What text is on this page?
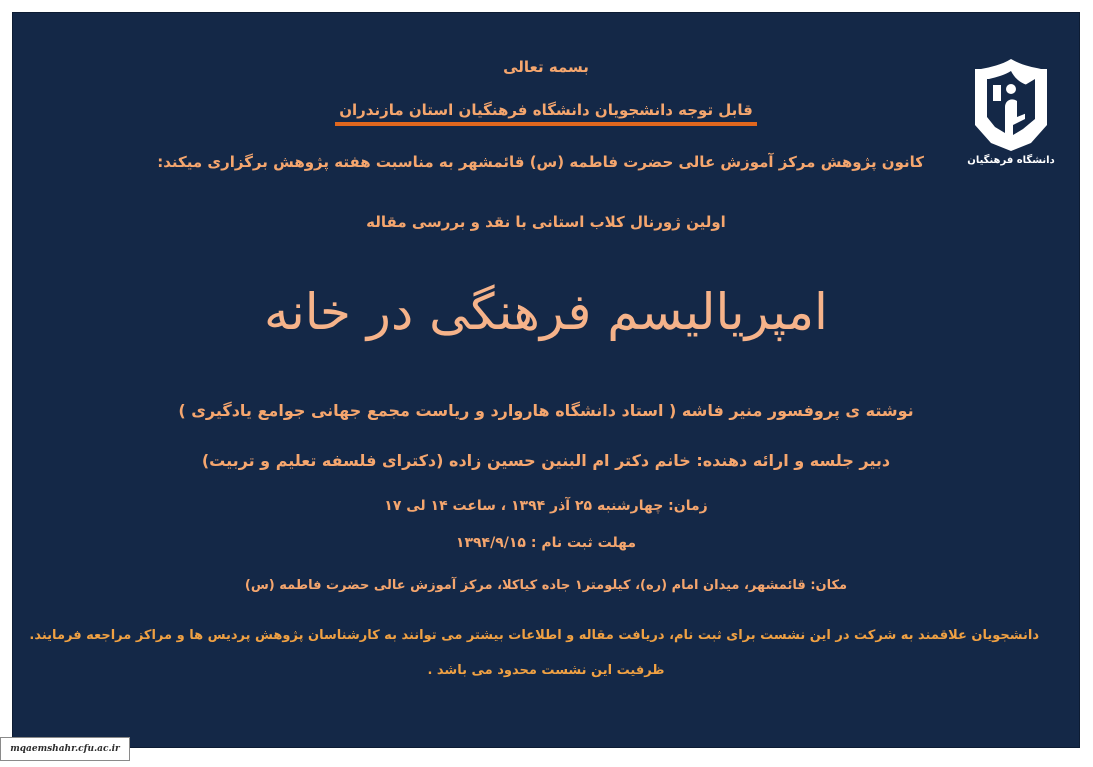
دانشگاه فرهنگیان
بسمه تعالی
قابل توجه دانشجویان دانشگاه فرهنگیان استان مازندران
کانون پژوهش مرکز آموزش عالی حضرت فاطمه (س) قائمشهر به مناسبت هفته پژوهش برگزاری میکند:
اولین ژورنال کلاب استانی با نقد و بررسی مقاله
امپریالیسم فرهنگی در خانه
نوشته ی پروفسور منیر فاشه ( استاد دانشگاه هاروارد و ریاست مجمع جهانی جوامع یادگیری )
دبیر جلسه و ارائه دهنده: خانم دکتر ام البنین حسین زاده (دکترای فلسفه تعلیم و تربیت)
زمان: چهارشنبه ۲۵ آذر ۱۳۹۴ ، ساعت ۱۴ لی ۱۷
مهلت ثبت نام : ۱۳۹۴/۹/۱۵
مکان: قائمشهر، میدان امام (ره)، کیلومتر۱ جاده کیاکلا، مرکز آموزش عالی حضرت فاطمه (س)
دانشجویان علاقمند به شرکت در این نشست برای ثبت نام، دریافت مقاله و اطلاعات بیشتر می توانند به کارشناسان پژوهش پردیس ها و مراکز مراجعه فرمایند.
ظرفیت این نشست محدود می باشد .
mqaemshahr.cfu.ac.ir
